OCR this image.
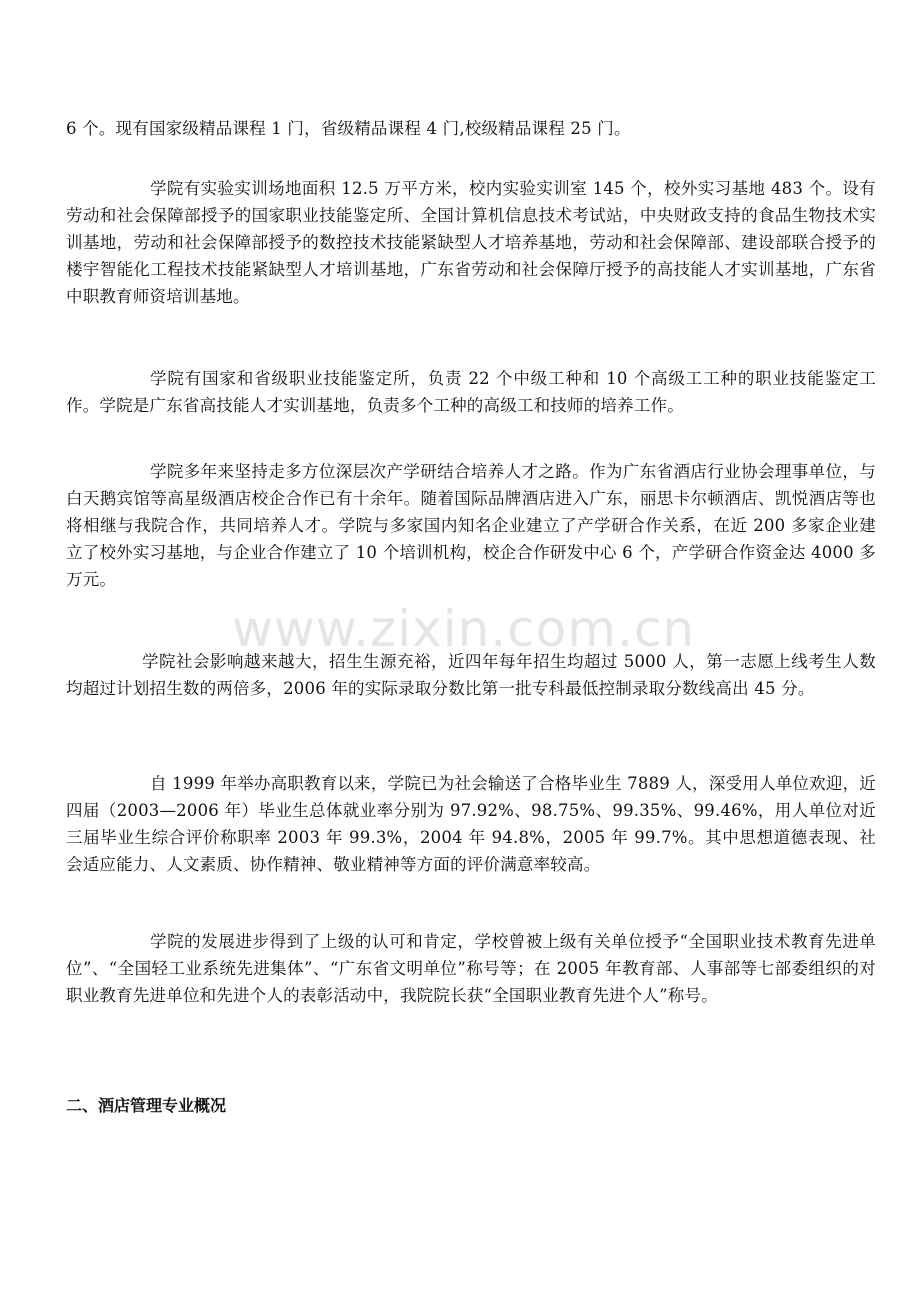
6 个。现有国家级精品课程 1 门，省级精品课程 4 门,校级精品课程 25 门。

学院有实验实训场地面积 12.5 万平方米，校内实验实训室 145 个，校外实习基地 483 个。设有劳动和社会保障部授予的国家职业技能鉴定所、全国计算机信息技术考试站，中央财政支持的食品生物技术实训基地，劳动和社会保障部授予的数控技术技能紧缺型人才培养基地，劳动和社会保障部、建设部联合授予的楼宇智能化工程技术技能紧缺型人才培训基地，广东省劳动和社会保障厅授予的高技能人才实训基地，广东省中职教育师资培训基地。

学院有国家和省级职业技能鉴定所，负责 22 个中级工种和 10 个高级工工种的职业技能鉴定工作。学院是广东省高技能人才实训基地，负责多个工种的高级工和技师的培养工作。

学院多年来坚持走多方位深层次产学研结合培养人才之路。作为广东省酒店行业协会理事单位，与白天鹅宾馆等高星级酒店校企合作已有十余年。随着国际品牌酒店进入广东，丽思卡尔顿酒店、凯悦酒店等也将相继与我院合作，共同培养人才。学院与多家国内知名企业建立了产学研合作关系，在近 200 多家企业建立了校外实习基地，与企业合作建立了 10 个培训机构，校企合作研发中心 6 个，产学研合作资金达 4000 多万元。

学院社会影响越来越大，招生生源充裕，近四年每年招生均超过 5000 人，第一志愿上线考生人数均超过计划招生数的两倍多，2006 年的实际录取分数比第一批专科最低控制录取分数线高出 45 分。

自 1999 年举办高职教育以来，学院已为社会输送了合格毕业生 7889 人，深受用人单位欢迎，近四届（2003—2006 年）毕业生总体就业率分别为 97.92%、98.75%、99.35%、99.46%，用人单位对近三届毕业生综合评价称职率 2003 年 99.3%，2004 年 94.8%，2005 年 99.7%。其中思想道德表现、社会适应能力、人文素质、协作精神、敬业精神等方面的评价满意率较高。

学院的发展进步得到了上级的认可和肯定，学校曾被上级有关单位授予“全国职业技术教育先进单位”、“全国轻工业系统先进集体”、“广东省文明单位”称号等；在 2005 年教育部、人事部等七部委组织的对职业教育先进单位和先进个人的表彰活动中，我院院长获“全国职业教育先进个人”称号。

二、酒店管理专业概况

www.zixin.com.cn
